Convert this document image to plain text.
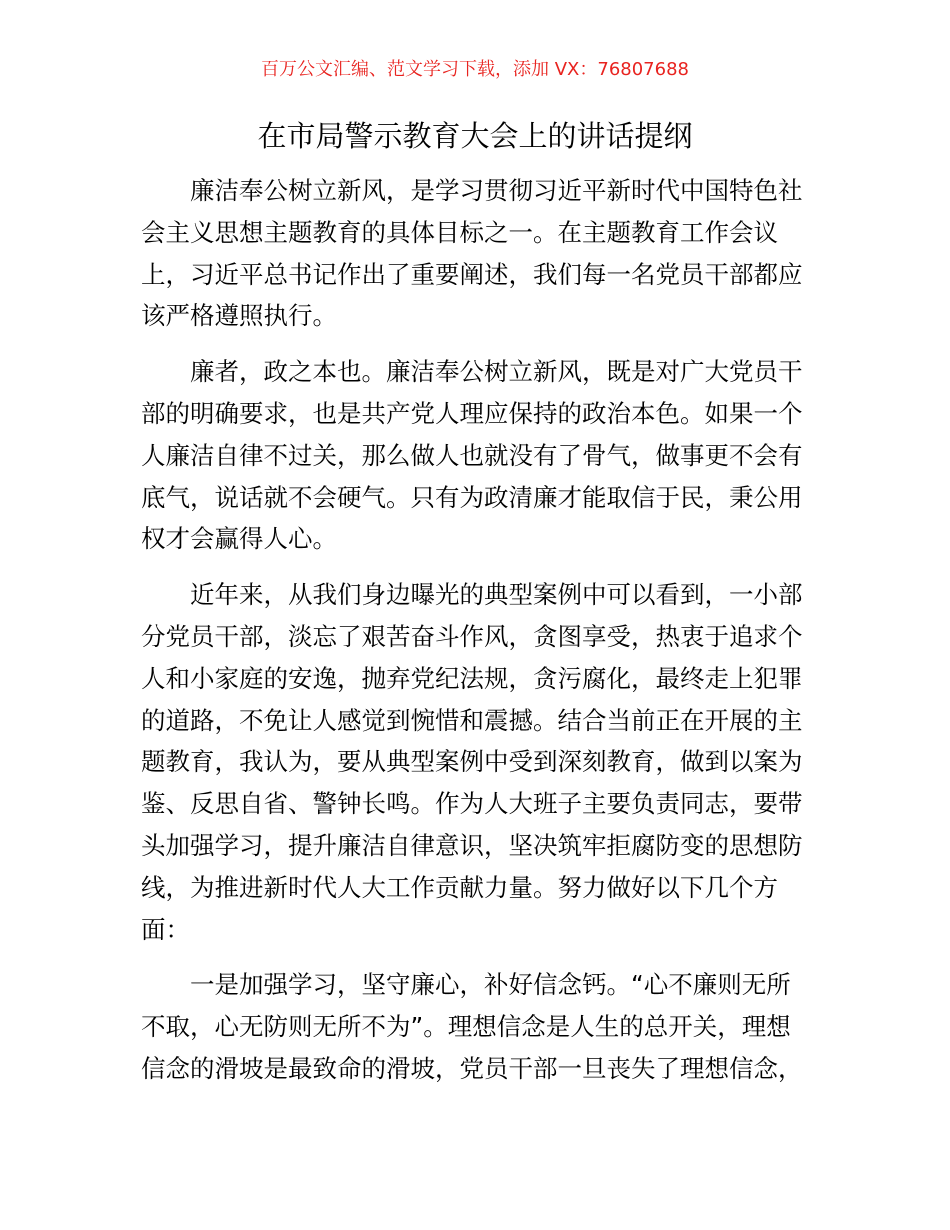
百万公文汇编、范文学习下载，添加 VX：76807688
在市局警示教育大会上的讲话提纲
廉洁奉公树立新风，是学习贯彻习近平新时代中国特色社
会主义思想主题教育的具体目标之一。在主题教育工作会议
上，习近平总书记作出了重要阐述，我们每一名党员干部都应
该严格遵照执行。
廉者，政之本也。廉洁奉公树立新风，既是对广大党员干
部的明确要求，也是共产党人理应保持的政治本色。如果一个
人廉洁自律不过关，那么做人也就没有了骨气，做事更不会有
底气，说话就不会硬气。只有为政清廉才能取信于民，秉公用
权才会赢得人心。
近年来，从我们身边曝光的典型案例中可以看到，一小部
分党员干部，淡忘了艰苦奋斗作风，贪图享受，热衷于追求个
人和小家庭的安逸，抛弃党纪法规，贪污腐化，最终走上犯罪
的道路，不免让人感觉到惋惜和震撼。结合当前正在开展的主
题教育，我认为，要从典型案例中受到深刻教育，做到以案为
鉴、反思自省、警钟长鸣。作为人大班子主要负责同志，要带
头加强学习，提升廉洁自律意识，坚决筑牢拒腐防变的思想防
线，为推进新时代人大工作贡献力量。努力做好以下几个方
面：
一是加强学习，坚守廉心，补好信念钙。“心不廉则无所
不取，心无防则无所不为”。理想信念是人生的总开关，理想
信念的滑坡是最致命的滑坡，党员干部一旦丧失了理想信念，
